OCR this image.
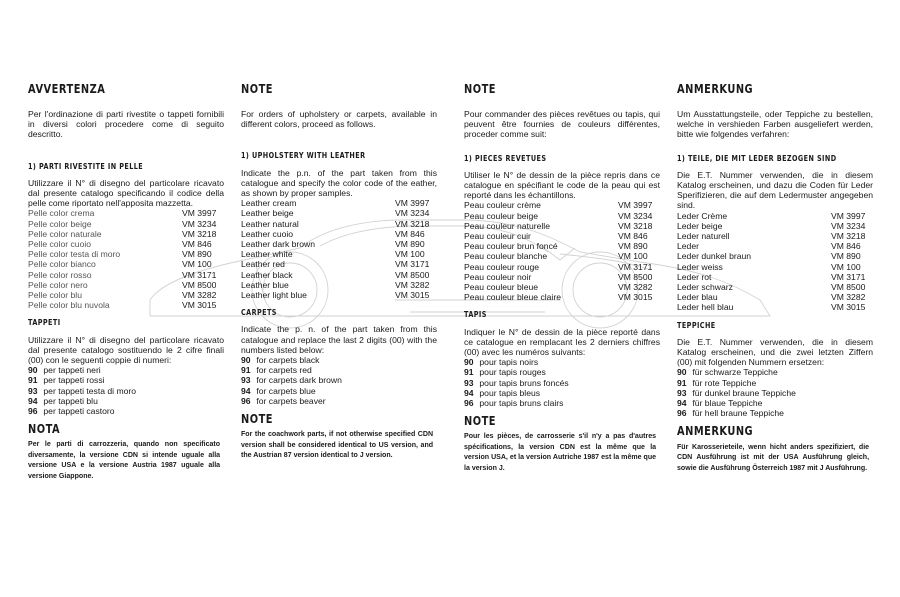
AVVERTENZA
Per l'ordinazione di parti rivestite o tappeti fornibili in diversi colori procedere come di seguito descritto.
1) PARTI RIVESTITE IN PELLE
Utilizzare il N° di disegno del particolare ricavato dal presente catalogo specificando il codice della pelle come riportato nell'apposita mazzetta.
Pelle color crema	VM 3997
Pelle color beige	VM 3234
Pelle color naturale	VM 3218
Pelle color cuoio	VM 846
Pelle color testa di moro	VM 890
Pelle color bianco	VM 100
Pelle color rosso	VM 3171
Pelle color nero	VM 8500
Pelle color blu	VM 3282
Pelle color blu nuvola	VM 3015
TAPPETI
Utilizzare il N° di disegno del particolare ricavato dal presente catalogo sostituendo le 2 cifre finali (00) con le seguenti coppie di numeri:
90 per tappeti neri
91 per tappeti rossi
93 per tappeti testa di moro
94 per tappeti blu
96 per tappeti castoro
NOTA
Per le parti di carrozzeria, quando non specificato diversamente, la versione CDN si intende uguale alla versione USA e la versione Austria 1987 uguale alla versione Giappone.
NOTE
For orders of upholstery or carpets, available in different colors, proceed as follows.
1) UPHOLSTERY WITH LEATHER
Indicate the p.n. of the part taken from this catalogue and specify the color code of the eather, as shown by proper samples.
Leather cream	VM 3997
Leather beige	VM 3234
Leather natural	VM 3218
Leather cuoio	VM 846
Leather dark brown	VM 890
Leather white	VM 100
Leather red	VM 3171
Leather black	VM 8500
Leather blue	VM 3282
Leather light blue	VM 3015
CARPETS
Indicate the p. n. of the part taken from this catalogue and replace the last 2 digits (00) with the numbers listed below:
90 for carpets black
91 for carpets red
93 for carpets dark brown
94 for carpets blue
96 for carpets beaver
NOTE
For the coachwork parts, if not otherwise specified CDN version shall be considered identical to US version, and the Austrian 87 version identical to J version.
NOTE
Pour commander des pièces revêtues ou tapis, qui peuvent être fournies de couleurs différentes, proceder comme suit:
1) PIECES REVETUES
Utiliser le N° de dessin de la pièce repris dans ce catalogue en spécifiant le code de la peau qui est reporté dans les échantillons.
Peau couleur crème	VM 3997
Peau couleur beige	VM 3234
Peau couleur naturelle	VM 3218
Peau couleur cuir	VM 846
Peau couleur brun foncé	VM 890
Peau couleur blanche	VM 100
Peau couleur rouge	VM 3171
Peau couleur noir	VM 8500
Peau couleur bleue	VM 3282
Peau couleur bleue claire	VM 3015
TAPIS
Indiquer le N° de dessin de la pièce reporté dans ce catalogue en remplacant les 2 derniers chiffres (00) avec les numéros suivants:
90 pour tapis noirs
91 pour tapis rouges
93 pour tapis bruns foncés
94 pour tapis bleus
96 pour tapis bruns clairs
NOTE
Pour les pièces, de carrosserie s'il n'y a pas d'autres spécifications, la version CDN est la même que la version USA, et la version Autriche 1987 est la même que la version J.
ANMERKUNG
Um Ausstattungsteile, oder Teppiche zu bestellen, welche in vershieden Farben ausgeliefert werden, bitte wie folgendes verfahren:
1) TEILE, DIE MIT LEDER BEZOGEN SIND
Die E.T. Nummer verwenden, die in diesem Katalog erscheinen, und dazu die Coden für Leder Sperifizieren, die auf dem Ledermuster angegeben sind.
Leder Crème	VM 3997
Leder beige	VM 3234
Leder naturell	VM 3218
Leder	VM 846
Leder dunkel braun	VM 890
Leder weiss	VM 100
Leder rot	VM 3171
Leder schwarz	VM 8500
Leder blau	VM 3282
Leder hell blau	VM 3015
TEPPICHE
Die E.T. Nummer verwenden, die in diesem Katalog erscheinen, und die zwei letzten Ziffern (00) mit folgenden Nummern ersetzen:
90 für schwarze Teppiche
91 für rote Teppiche
93 für dunkel braune Teppiche
94 für blaue Teppiche
96 für hell braune Teppiche
ANMERKUNG
Für Karosserieteile, wenn hicht anders spezifiziert, die CDN Ausführung ist mit der USA Ausführung gleich, sowie die Ausführung Österreich 1987 mit J Ausführung.
